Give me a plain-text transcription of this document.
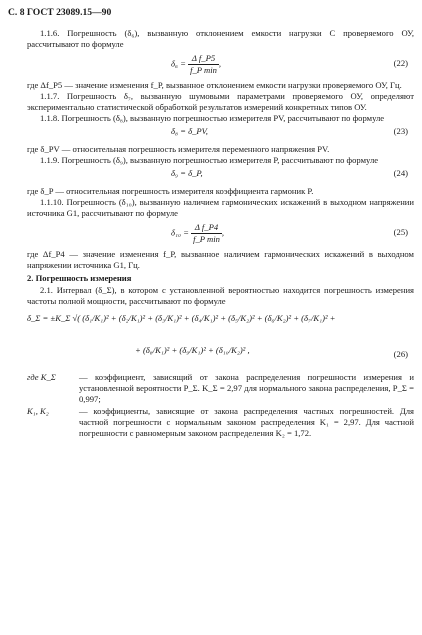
С. 8 ГОСТ 23089.15—90

1.1.6. Погрешность (δ₆), вызванную отклонением емкости нагрузки C проверяемого ОУ, рассчитывают по формуле

$\delta_6 = \frac{\text{Δ f\_P5}}{\text{f\_P min}}$ ,	(22)

где Δf_P5 — значение изменения f_P, вызванное отклонением емкости нагрузки проверяемого ОУ, Гц.

1.1.7. Погрешность δ₇, вызванную шумовыми параметрами проверяемого ОУ, определяют экспериментально статистической обработкой результатов измерений конкретных типов ОУ.

1.1.8. Погрешность (δ₈), вызванную погрешностью измерителя PV, рассчитывают по формуле

δ₈ = δ_PV,	(23)

где δ_PV — относительная погрешность измерителя переменного напряжения PV.

1.1.9. Погрешность (δ₉), вызванную погрешностью измерителя P, рассчитывают по формуле

δ₉ = δ_P,	(24)

где δ_P — относительная погрешность измерителя коэффициента гармоник P.

1.1.10. Погрешность (δ₁₀), вызванную наличием гармонических искажений в выходном напряжении источника G1, рассчитывают по формуле

$\delta_{10} = \frac{\text{Δ f\_P4}}{\text{f\_P min}}$ ,	(25)

где Δf_P4 — значение изменения f_P, вызванное наличием гармонических искажений в выходном напряжении источника G1, Гц.

2. Погрешность измерения

2.1. Интервал (δ_Σ), в котором с установленной вероятностью находится погрешность измерения частоты полной мощности, рассчитывают по формуле

δ_Σ = ±K_Σ √( (δ₁/K₁)² + (δ₂/K₁)² + (δ₃/K₁)² + (δ₄/K₁)² + (δ₅/K₂)² + (δ₆/K₂)² + (δ₇/K₁)² +
+ (δ₈/K₁)² + (δ₉/K₁)² + (δ₁₀/K₂)² ,	(26)
где K_Σ	— коэффициент, зависящий от закона распределения погрешности измерения и установленной вероятности P_Σ. K_Σ = 2,97 для нормального закона распределения, P_Σ = 0,997;
K₁, K₂	— коэффициенты, зависящие от закона распределения частных погрешностей. Для частной погрешности с нормальным законом распределения K₁ = 2,97. Для частной погрешности с равномерным законом распределения K₂ = 1,72.
